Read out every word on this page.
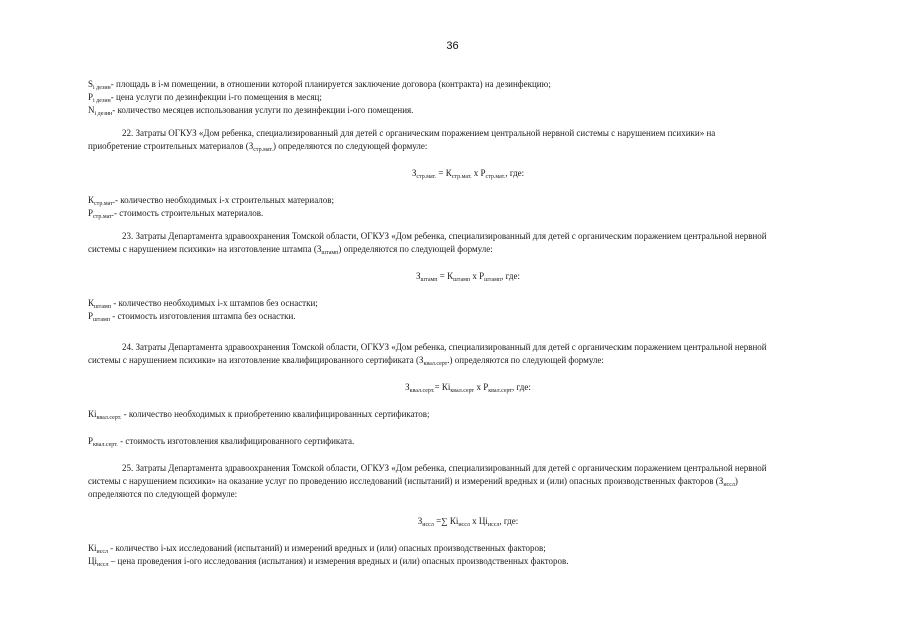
36
$S_{i дезин}-$ площадь в i-м помещении, в отношении которой планируется заключение договора (контракта) на дезинфекцию;
$P_{i дезин}-$ цена услуги по дезинфекции i-го помещения в месяц;
$N_{i дезин}-$ количество месяцев использования услуги по дезинфекции i-ого помещения.
22. Затраты ОГКУЗ «Дом ребенка, специализированный для детей с органическим поражением центральной нервной системы с нарушением психики» на
приобретение строительных материалов $(З_{стр.мат.})$ определяются по следующей формуле:
$З_{стр.мат.} = К_{стр.мат.}$ х $Р_{стр.мат.}$, где:
$К_{стр.мат}.-$ количество необходимых i-х строительных материалов;
$Р_{стр.мат}.-$ стоимость строительных материалов.
23. Затраты Департамента здравоохранения Томской области, ОГКУЗ «Дом ребенка, специализированный для детей с органическим поражением центральной нервной
системы с нарушением психики» на изготовление штампа $(З_{штамп})$ определяются по следующей формуле:
$З_{штамп} = К_{штамп}$ х $Р_{штамп}$, где:
$К_{штамп}$ - количество необходимых i-х штампов без оснастки;
$Р_{штамп}$ - стоимость изготовления штампа без оснастки.
24. Затраты Департамента здравоохранения Томской области, ОГКУЗ «Дом ребенка, специализированный для детей с органическим поражением центральной нервной
системы с нарушением психики» на изготовление квалифицированного сертификата $(З_{квал.серт}.)$ определяются по следующей формуле:
$З_{квал.серт.}= Кi_{квал.серт}$ х $Р_{квал.серт}$, где:
$Кi_{квал.серт.}$ - количество необходимых к приобретению квалифицированных сертификатов;
$Р_{квал.серт.}$ - стоимость изготовления квалифицированного сертификата.
25. Затраты Департамента здравоохранения Томской области, ОГКУЗ «Дом ребенка, специализированный для детей с органическим поражением центральной нервной
системы с нарушением психики» на оказание услуг по проведению исследований (испытаний) и измерений вредных и (или) опасных производственных факторов $(З_{иссл})$
определяются по следующей формуле:
$З_{иссл}$ =∑ $Кi_{иссл}$ х $Цi_{иссл}$, где:
$Кi_{иссл}$ - количество i-ых исследований (испытаний) и измерений вредных и (или) опасных производственных факторов;
$Цi_{иссл}$ – цена проведения i-ого исследования (испытания) и измерения вредных и (или) опасных производственных факторов.
